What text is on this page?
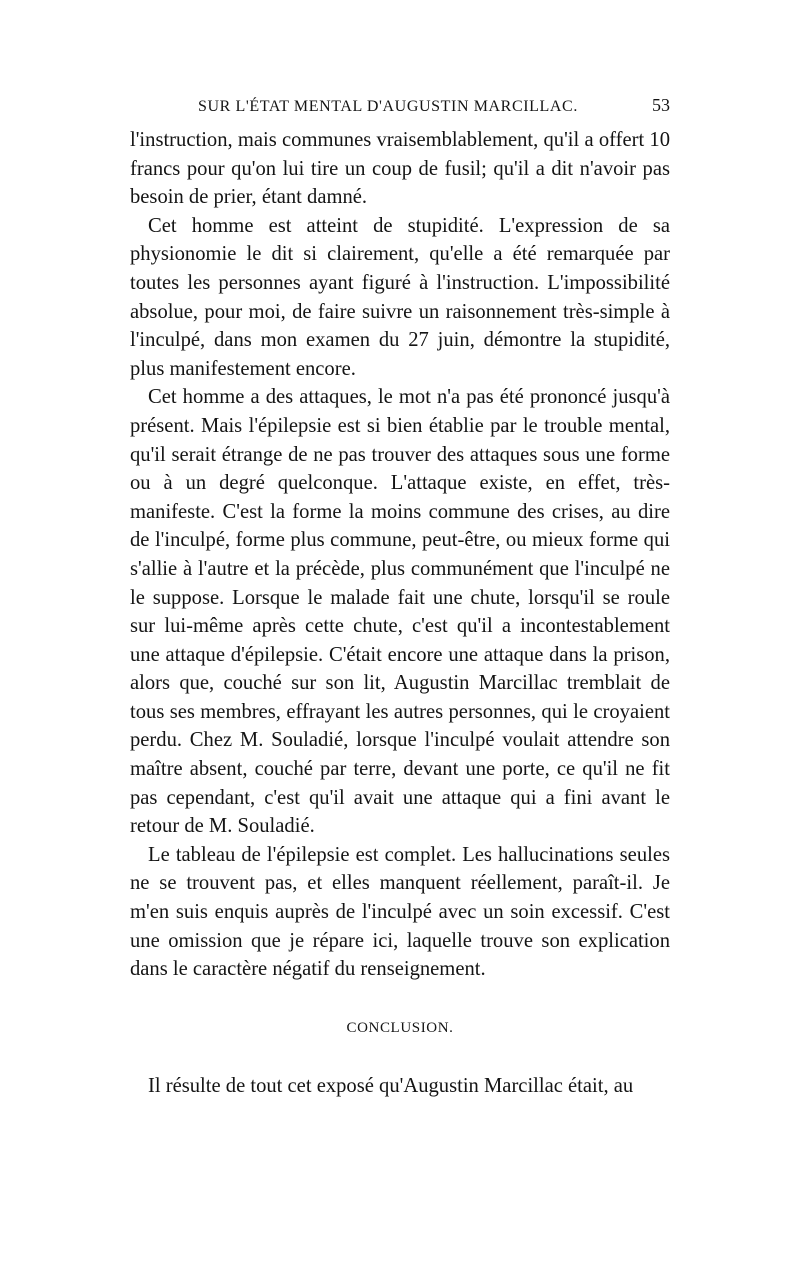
SUR L'ÉTAT MENTAL D'AUGUSTIN MARCILLAC.	53

l'instruction, mais communes vraisemblablement, qu'il a offert 10 francs pour qu'on lui tire un coup de fusil; qu'il a dit n'avoir pas besoin de prier, étant damné.

Cet homme est atteint de stupidité. L'expression de sa physionomie le dit si clairement, qu'elle a été remarquée par toutes les personnes ayant figuré à l'instruction. L'impossibilité absolue, pour moi, de faire suivre un raisonnement très-simple à l'inculpé, dans mon examen du 27 juin, démontre la stupidité, plus manifestement encore.

Cet homme a des attaques, le mot n'a pas été prononcé jusqu'à présent. Mais l'épilepsie est si bien établie par le trouble mental, qu'il serait étrange de ne pas trouver des attaques sous une forme ou à un degré quelconque. L'attaque existe, en effet, très-manifeste. C'est la forme la moins commune des crises, au dire de l'inculpé, forme plus commune, peut-être, ou mieux forme qui s'allie à l'autre et la précède, plus communément que l'inculpé ne le suppose. Lorsque le malade fait une chute, lorsqu'il se roule sur lui-même après cette chute, c'est qu'il a incontestablement une attaque d'épilepsie. C'était encore une attaque dans la prison, alors que, couché sur son lit, Augustin Marcillac tremblait de tous ses membres, effrayant les autres personnes, qui le croyaient perdu. Chez M. Souladié, lorsque l'inculpé voulait attendre son maître absent, couché par terre, devant une porte, ce qu'il ne fit pas cependant, c'est qu'il avait une attaque qui a fini avant le retour de M. Souladié.

Le tableau de l'épilepsie est complet. Les hallucinations seules ne se trouvent pas, et elles manquent réellement, paraît-il. Je m'en suis enquis auprès de l'inculpé avec un soin excessif. C'est une omission que je répare ici, laquelle trouve son explication dans le caractère négatif du renseignement.

CONCLUSION.

Il résulte de tout cet exposé qu'Augustin Marcillac était, au
